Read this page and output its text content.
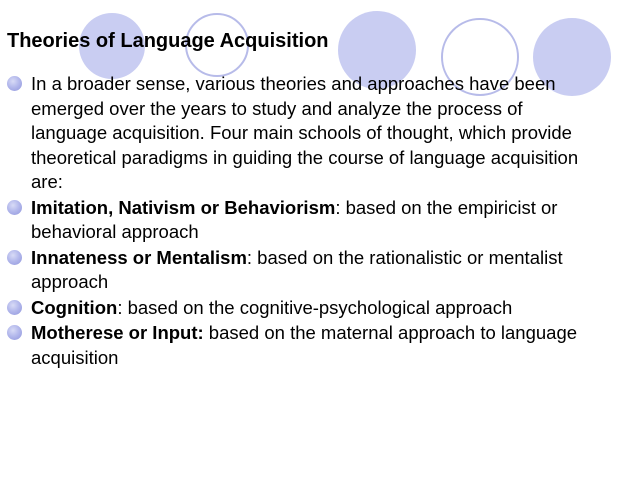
Theories of Language Acquisition
In a broader sense, various theories and approaches have been emerged over the years to study and analyze the process of language acquisition. Four main schools of thought, which provide theoretical paradigms in guiding the course of language acquisition are:
Imitation, Nativism or Behaviorism: based on the empiricist or behavioral approach
Innateness or Mentalism: based on the rationalistic or mentalist approach
Cognition: based on the cognitive-psychological approach
Motherese or Input: based on the maternal approach to language acquisition
